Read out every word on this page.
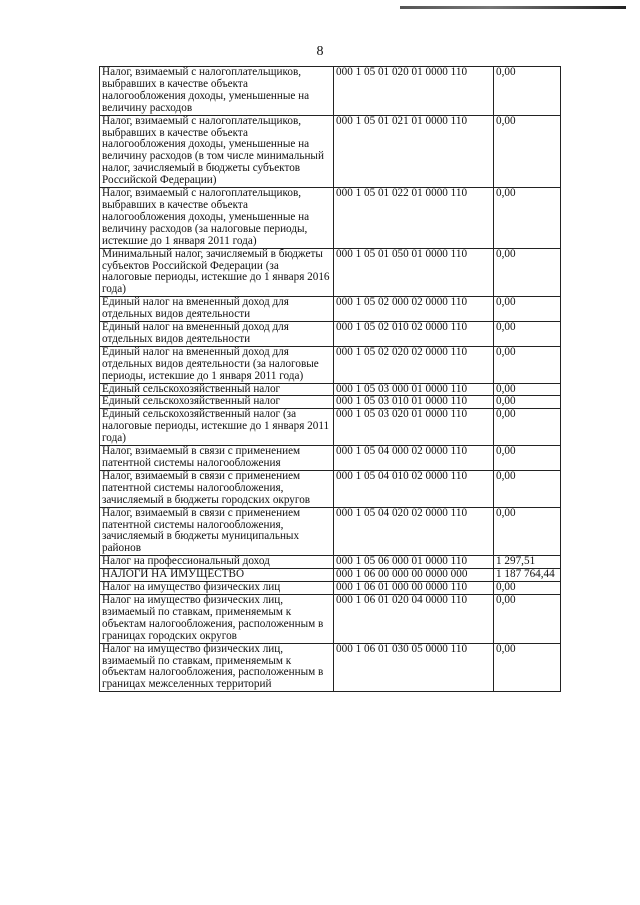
8
Налог, взимаемый с налогоплательщиков, выбравших в качестве объекта налогообложения доходы, уменьшенные на величину расходов	000 1 05 01 020 01 0000 110	0,00
Налог, взимаемый с налогоплательщиков, выбравших в качестве объекта налогообложения доходы, уменьшенные на величину расходов (в том числе минимальный налог, зачисляемый в бюджеты субъектов Российской Федерации)	000 1 05 01 021 01 0000 110	0,00
Налог, взимаемый с налогоплательщиков, выбравших в качестве объекта налогообложения доходы, уменьшенные на величину расходов (за налоговые периоды, истекшие до 1 января 2011 года)	000 1 05 01 022 01 0000 110	0,00
Минимальный налог, зачисляемый в бюджеты субъектов Российской Федерации (за налоговые периоды, истекшие до 1 января 2016 года)	000 1 05 01 050 01 0000 110	0,00
Единый налог на вмененный доход для отдельных видов деятельности	000 1 05 02 000 02 0000 110	0,00
Единый налог на вмененный доход для отдельных видов деятельности	000 1 05 02 010 02 0000 110	0,00
Единый налог на вмененный доход для отдельных видов деятельности (за налоговые периоды, истекшие до 1 января 2011 года)	000 1 05 02 020 02 0000 110	0,00
Единый сельскохозяйственный налог	000 1 05 03 000 01 0000 110	0,00
Единый сельскохозяйственный налог	000 1 05 03 010 01 0000 110	0,00
Единый сельскохозяйственный налог (за налоговые периоды, истекшие до 1 января 2011 года)	000 1 05 03 020 01 0000 110	0,00
Налог, взимаемый в связи с применением патентной системы налогообложения	000 1 05 04 000 02 0000 110	0,00
Налог, взимаемый в связи с применением патентной системы налогообложения, зачисляемый в бюджеты городских округов	000 1 05 04 010 02 0000 110	0,00
Налог, взимаемый в связи с применением патентной системы налогообложения, зачисляемый в бюджеты муниципальных районов	000 1 05 04 020 02 0000 110	0,00
Налог на профессиональный доход	000 1 05 06 000 01 0000 110	1 297,51
НАЛОГИ НА ИМУЩЕСТВО	000 1 06 00 000 00 0000 000	1 187 764,44
Налог на имущество физических лиц	000 1 06 01 000 00 0000 110	0,00
Налог на имущество физических лиц, взимаемый по ставкам, применяемым к объектам налогообложения, расположенным в границах городских округов	000 1 06 01 020 04 0000 110	0,00
Налог на имущество физических лиц, взимаемый по ставкам, применяемым к объектам налогообложения, расположенным в границах межселенных территорий	000 1 06 01 030 05 0000 110	0,00
